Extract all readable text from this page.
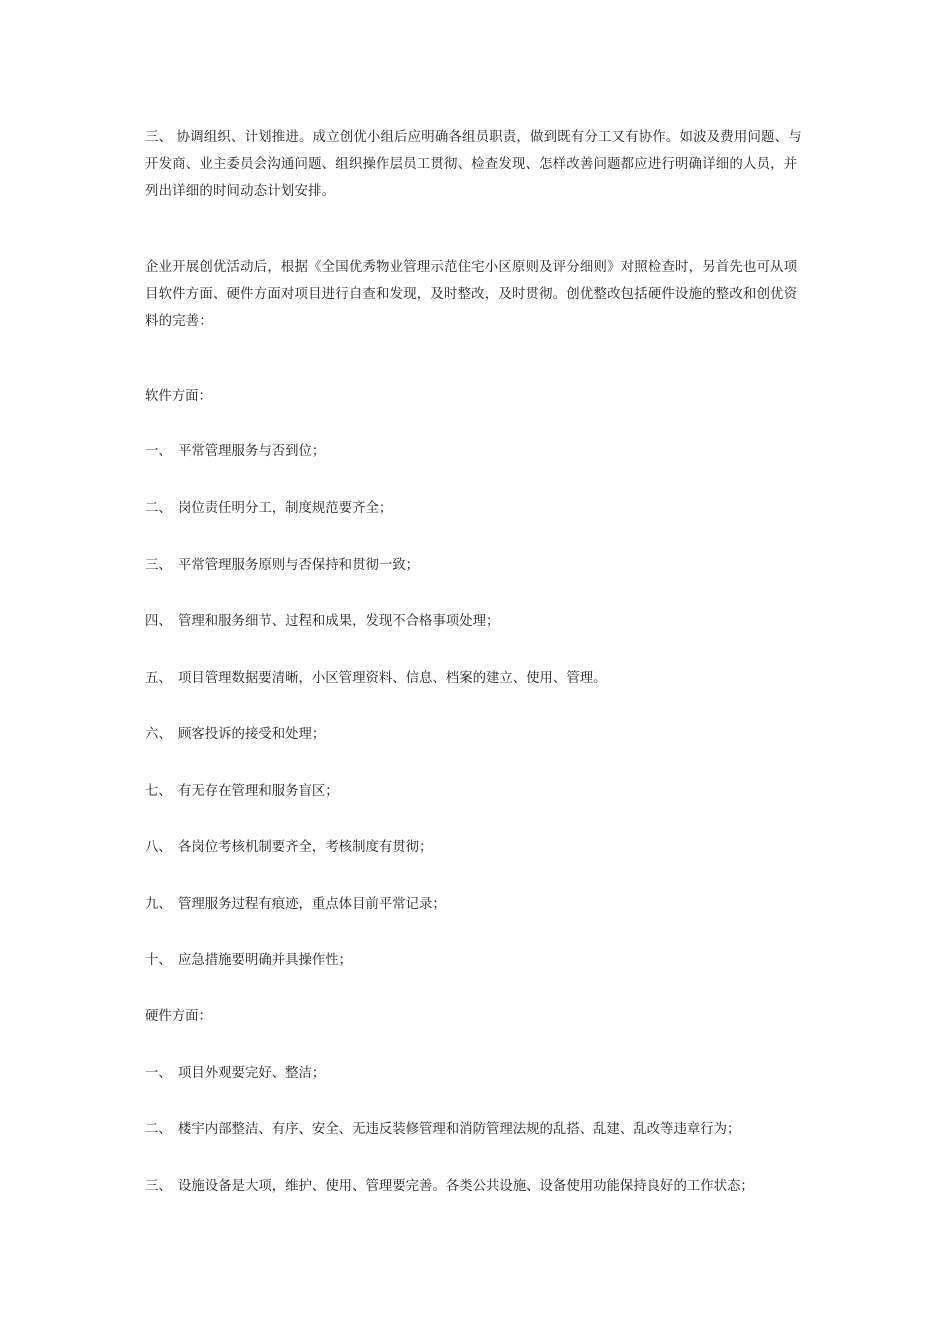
三、 协调组织、计划推进。成立创优小组后应明确各组员职责，做到既有分工又有协作。如波及费用问题、与开发商、业主委员会沟通问题、组织操作层员工贯彻、检查发现、怎样改善问题都应进行明确详细的人员，并列出详细的时间动态计划安排。

企业开展创优活动后，根据《全国优秀物业管理示范住宅小区原则及评分细则》对照检查时，另首先也可从项目软件方面、硬件方面对项目进行自查和发现，及时整改，及时贯彻。创优整改包括硬件设施的整改和创优资料的完善：

软件方面：

一、 平常管理服务与否到位；

二、 岗位责任明分工，制度规范要齐全；

三、 平常管理服务原则与否保持和贯彻一致；

四、 管理和服务细节、过程和成果，发现不合格事项处理；

五、 项目管理数据要清晰，小区管理资料、信息、档案的建立、使用、管理。

六、 顾客投诉的接受和处理；

七、 有无存在管理和服务盲区；

八、 各岗位考核机制要齐全，考核制度有贯彻；

九、 管理服务过程有痕迹，重点体目前平常记录；

十、 应急措施要明确并具操作性；

硬件方面：

一、 项目外观要完好、整洁；

二、 楼宇内部整洁、有序、安全、无违反装修管理和消防管理法规的乱搭、乱建、乱改等违章行为；

三、 设施设备是大项，维护、使用、管理要完善。各类公共设施、设备使用功能保持良好的工作状态；
